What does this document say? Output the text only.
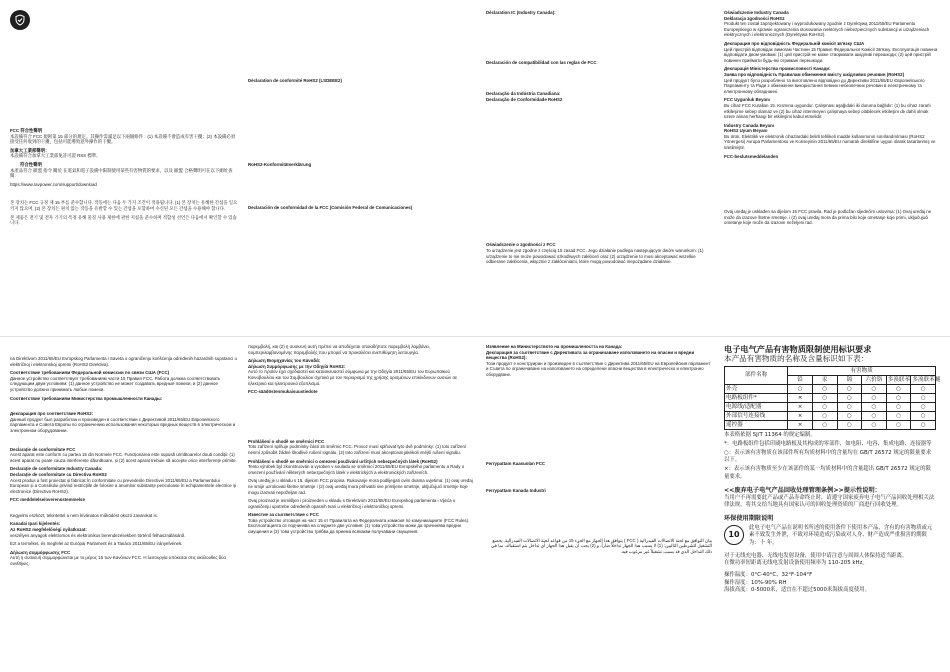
FCC 符合性聲明

本設備符合 FCC 規則第 15 部分的規定。其操作需滿足以下兩個條件：(1) 本設備不會造成有害干擾；(2) 本設備必須接受任何收到的干擾，包括可能導致意外操作的干擾。

加拿大工業部聲明：

本設備符合加拿大工業部免許可證 RSS 標準。

符合性聲明

本產品符合 歐盟 指令 關於 在電氣和電子設備中限制使用某些有害物質的要求，以及 歐盟 合格聲明可在以下網址查閱：

https://www.ravpower.com/support/download

본 장치는 FCC 규정 제 15 부를 준수합니다. 작동에는 다음 두 가지 조건이 적용됩니다. (1) 본 장치는 유해한 간섭을 일으키지 않으며, (2) 본 장치는 원치 않는 작동을 유발할 수 있는 간섭을 포함하여 수신된 모든 간섭을 수용해야 합니다.

본 제품은 전기 및 전자 기기의 특정 유해 물질 사용 제한에 관한 지침을 준수하며 적합성 선언은 다음에서 확인할 수 있습니다.

Déclaration de conformité RoHS2 (LSDEEE2)
RoHS2-Konformitätserklärung
Declaración de conformidad de la FCC (Comisión Federal de Comunicaciones)
Déclaration IC (Industry Canada):
Declaración de compatibilidad con las reglas de FCC
Declaração da Indústria Canadiana:
Declaração de Conformidade RoHS2
Oświadczenie o zgodności z FCC

To urządzenie jest zgodne z częścią 15 zasad FCC. Jego działanie podlega następującym dwóm warunkom: (1) urządzenie to nie może powodować szkodliwych zakłóceń oraz (2) urządzenie to musi akceptować wszelkie odbierane zakłócenia, włącznie z zakłóceniami, które mogą powodować niepożądane działanie.

Oświadczenie Industry Canada
Deklaracja zgodności RoHS2

Produkt ten został zaprojektowany i wyprodukowany zgodnie z Dyrektywą 2011/65/EU Parlamentu Europejskiego w sprawie ograniczenia stosowania niektórych niebezpiecznych substancji w urządzeniach elektrycznych i elektronicznych (Dyrektywa RoHS2).

Декларация про відповідність Федеральній комісії зв'язку США

Цей пристрій відповідає вимогам Частини 15 Правил Федеральної Комісії Зв'язку. Експлуатація повинна відповідати двом умовам: (1) цей пристрій не може створювати шкідливі перешкоди; (2) цей пристрій повинен приймати будь-які отримані перешкоди.

Декларація Міністерства промисловості Канади:
Заява про відповідність Правилам обмеження вмісту шкідливих речовин (RoHS2)

Цей продукт було розроблено та виготовлено відповідно до Директиви 2011/65/EU Європейського Парламенту та Ради з обмеження використання певних небезпечних речовин в електричному та електронному обладнанні.

FCC Uygunluk Beyanı

Bu cihaz FCC Kuralları 15. Kısmına uygundur. Çalışması aşağıdaki iki duruma bağlıdır: (1) bu cihaz zararlı etkileşime sebep olamaz ve (2) bu cihaz istenmeyen çalışmaya sebep olabilecek etkileşim de dahil olmak üzere alınan herhangi bir etkileşimi kabul etmelidir.

Industry Canada Beyanı
RoHS2 Uyum Beyanı

Bu ürün, Elektrikli ve elektronik cihazlardaki belirli tehlikeli madde kullanımının sınırlandırılması (RoHS2 Yönergesi) Avrupa Parlamentosu ve Konseyinin 2011/65/EU numaralı direktifine uygun olarak tasarlanmış ve üretilmiştir.

FCC-beslutsmeddelanden

Ovaj uređaj je usklađen sa dijelom 15 FCC pravila. Rad je podložan sljedećim uslovima: (1) Ovaj uređaj ne može da izazove štetne smetnje, i (2) ovaj uređaj mora da prima bilo koje ometanje koje primi, uključujući ometanje koje može da izazove neželjeni rad.

na Direktivom 2011/65/EU Evropskog Parlamenta i Saveta o ograničenju korišćenja određenih hazardnih supstanci u električnoj i elektronskoj opremi (RoHS2 Direktiva).

Соответствие требованиям Федеральной комиссии по связи США (FCC)

Данное устройство соответствует требованиям части 15 Правил FCC. Работа должна соответствовать следующим двум условиям: (1) данное устройство не может создавать вредные помехи, и (2) данное устройство должно принимать любые помехи.

Соответствие требованиям Министерства промышленности Канады:
Декларация про соответствие RoHS2:

Данный продукт был разработан и произведен в соответствии с Директивой 2011/65/EU Европейского парламента и Совета Европы по ограничению использования некоторых вредных веществ в электрическом и электронном оборудовании.

Declarație de conformitate FCC

Acest aparat este conform cu partea 15 din Normele FCC. Funcționarea este supusă următoarelor două condiții: (1) acest aparat nu poate cauza interferențe dăunătoare, și (2) acest aparat trebuie să accepte orice interferențe primite.

Declarație de conformitate Industry Canada:
Declarație de conformitate cu Directiva RoHS2

Acest produs a fost proiectat și fabricat în conformitate cu prevederile Directivei 2011/65/EU a Parlamentului European și a Consiliului privind restricțiile de folosire a anumitor substanțe periculoase în echipamentele electrice și electronice (Directiva RoHS2).

FCC meddelelse/overensstemmelse

Kegyelmi eszközt, tekintettel a nem kívánatos működést okozó zavarokat is.

Kanadai Ipari kijelentés:
Az RoHS2 megfelelőségi nyilatkozat:

veszélyes anyagok elektromos és elektronikus berendezésekben történő felhasználásáról.

Ezt a terméket, és megfelel az Európai Parlament és a Tanács 2011/65/EU irányelvének.

Δήλωση συμμόρφωσης FCC

Αυτή η συσκευή συμμορφώνεται με το μέρος 15 των Κανόνων FCC. Η λειτουργία υπόκειται στις ακόλουθες δύο συνθήκες.

παρεμβολή, και (2) η συσκευή αυτή πρέπει να αποδέχεται οποιαδήποτε παρεμβολή λαμβάνει, συμπεριλαμβανομένης παρεμβολής που μπορεί να προκαλέσει ανεπιθύμητη λειτουργία.

Δήλωση Βιομηχανίας του Καναδά:
Δήλωση Συμμόρφωσης με την Οδηγία RoHS2:

Αυτό το προϊόν έχει σχεδιαστεί και κατασκευαστεί σύμφωνα με την Οδηγία 2011/65/EU του Ευρωπαϊκού Κοινοβουλίου και του Συμβουλίου σχετικά με τον περιορισμό της χρήσης ορισμένων επικίνδυνων ουσιών σε ηλεκτρικό και ηλεκτρονικό εξοπλισμό.

FCC-säädöstenmukaisuustiedote
Prohlášení o shodě se směrnicí FCC

Toto zařízení splňuje podmínky části 15 směrnic FCC. Provoz musí splňovat tyto dvě podmínky: (1) toto zařízení nesmí způsobit žádné škodlivé rušení signálu, (2) toto zařízení musí akceptovat jakékoli vnější rušení signálu.

Prohlášení o shodě se směrnicí o omezení používání určitých nebezpečných látek (RoHS2)

Tento výrobek byl zkonstruován a vyroben v souladu se směrnicí 2011/65/EU Evropského parlamentu a Rady o omezení používání některých nebezpečných látek v elektrických a elektronických zařízeních.

Ovaj uređaj je u skladu s 15. dijelom FCC propisa. Rukovanje mora podlijegati ovim dvama uvjetima: (1) ovaj uređaj ne smije uzrokovati štetne smetnje i (2) ovaj uređaj mora prihvatiti sve primljene smetnje, uključujući smetnje koje mogu izazvati nepoželjan rad.

Ovaj proizvod je osmišljen i proizveden u skladu s Direktivom 2011/65/EU Europskog parlamenta i Vijeća o ograničenju upotrebe određenih opasnih tvari u električnoj i elektroničkoj opremi.

Известие за съответствие с FCC

Това устройство отговаря на част 15 от Правилата на Федералната комисия по комуникациите (FCC Rules). Експлоатацията се подчинява на следните две условия: (1) това устройство може да причинява вредни смущения и (2) това устройство трябва да приема всякакви получавани смущения.

Изявление на Министерството на промишлеността на Канада:
Декларация за съответствие с Директивата за ограничаване използването на опасни и вредни вещества (RoHS2):

Този продукт е конструиран и произведен в съответствие с Директива 2011/65/EU на Европейския парламент и Съвета по ограничаване на използването на определени опасни вещества в електрическо и електронно оборудване.

Ferrypattam Kaasuolan FCC
Ferrypattam Kanada Industri

بيان التوافق مع لجنة الاتصالات الفيدرالية ( FCC ) يتوافق هذا الجهاز مع الجزء 15 من قواعد لجنة الاتصالات الفيدرالية. يخضع التشغيل للشرطين التاليين: (1) لا يسبب هذا الجهاز تداخلاً ضاراً، و (2) يجب أن يقبل هذا الجهاز أي تداخل يتم استقباله، بما في ذلك التداخل الذي قد يسبب تشغيلاً غير مرغوب فيه.

电子电气产品有害物质限制使用标识要求
本产品有害物质的名称及含量标识如下表：
部件名称	有害物质					
	铅	汞	镉	六价铬	多溴联苯	多溴联苯醚
外壳	○	○	○	○	○	○
电路板组件*	×	○	○	○	○	○
电源线/适配器	×	○	○	○	○	○
外部信号连接线	×	○	○	○	○	○
遥控器	×	○	○	○	○	○
本表格依据 SJ/T 11364 的规定编制。
*：电路板组件包括印刷电路板及其构成的零部件，如电阻、电容、集成电路、连接器等
○：表示该有害物质在该部件所有均质材料中的含量均在 GB/T 26572 规定的限量要求以下。
×：表示该有害物质至少在该部件的某一均质材料中的含量超出 GB/T 26572 规定的限量要求。
<<废弃电子电气产品回收处理管理条例>>提示性说明：
当用户不再需要此产品或产品寿命终止时，请遵守国家废弃电子电气产品回收处理相关法律法规，将其交给当地具有国家认可的回收处理资质的厂商进行回收处理。
环保使用期限说明
10
此电子电气产品在说明书所述的使用条件下使用本产品，含有的有害物质或元素不致发生外泄，不致对环境造成污染或对人身、财产造成严重损害的期限为：十 年。
对于无线充电器、无线电发射设备，使用中请注意与周围人体保持适当距离。
在微功率短距离无线电发射设备使用频率为 110-205 kHz。
操作温度：0°C-40°C、32°F-104°F
操作湿度：10%-90% RH
海拔高度：0-5000米，适宜在不超过5000米海拔高度使用。
